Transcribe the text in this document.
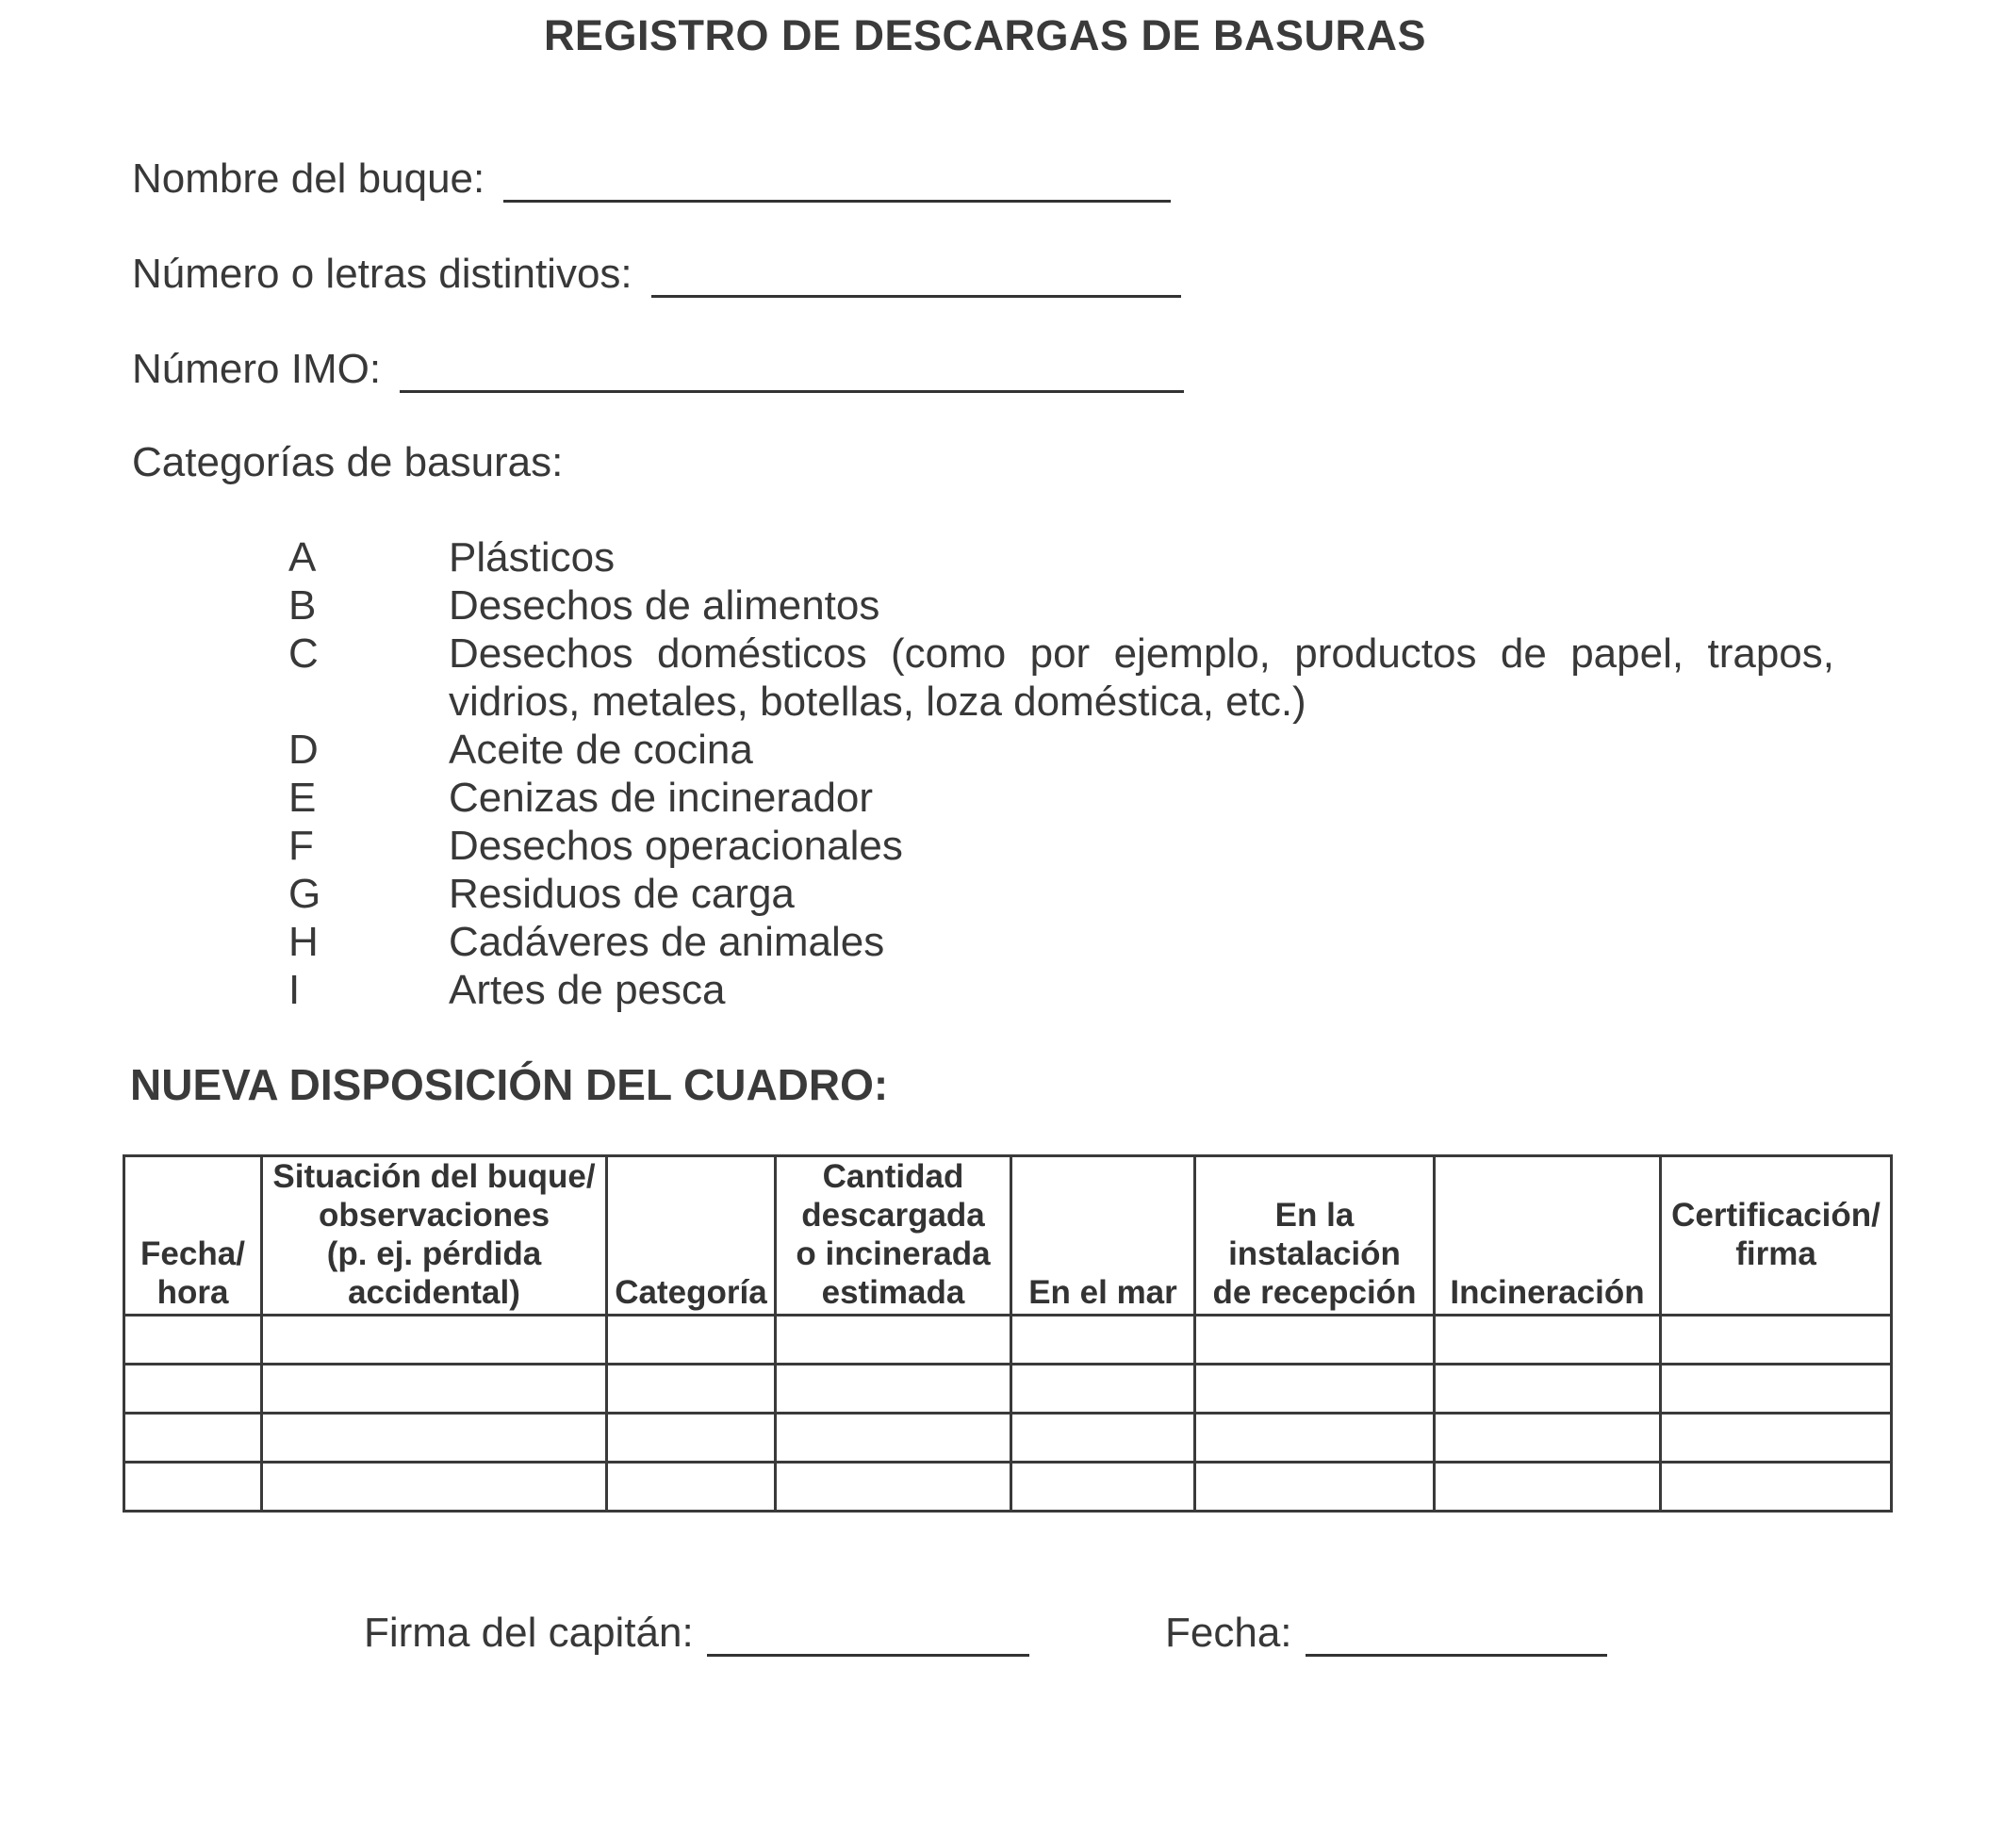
REGISTRO DE DESCARGAS DE BASURAS
Nombre del buque:
Número o letras distintivos:
Número IMO:
Categorías de basuras:
A	Plásticos
B	Desechos de alimentos
C	Desechos domésticos (como por ejemplo, productos de papel, trapos, vidrios, metales, botellas, loza doméstica, etc.)
D	Aceite de cocina
E	Cenizas de incinerador
F	Desechos operacionales
G	Residuos de carga
H	Cadáveres de animales
I	Artes de pesca
NUEVA DISPOSICIÓN DEL CUADRO:
Fecha/
hora	Situación del buque/
observaciones
(p. ej. pérdida
accidental)	Categoría	Cantidad
descargada
o incinerada
estimada	En el mar	En la
instalación
de recepción	Incineración	Certificación/
firma

Firma del capitán:	Fecha:
